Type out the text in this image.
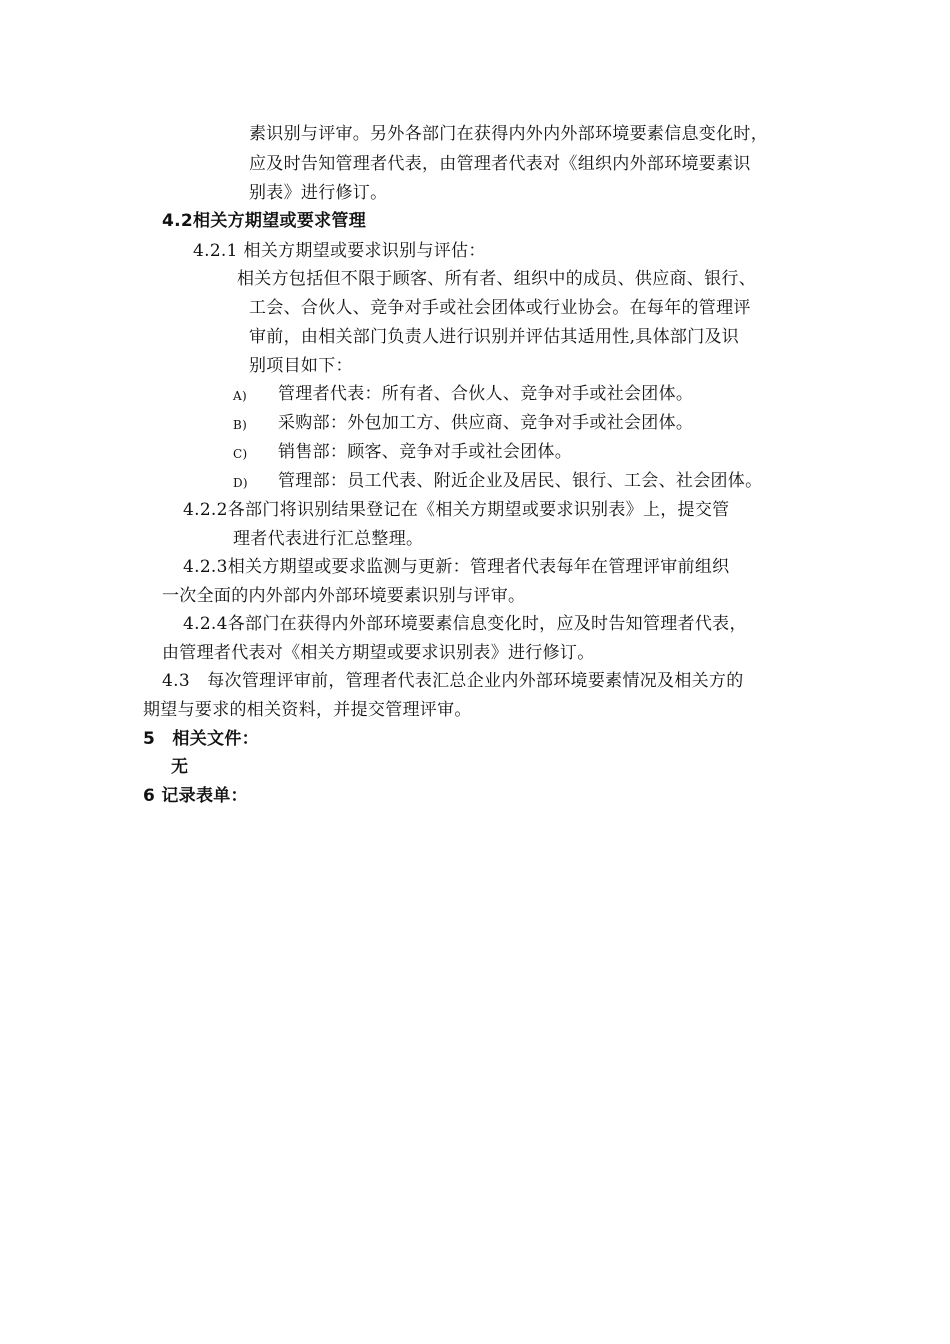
素识别与评审。另外各部门在获得内外内外部环境要素信息变化时，
应及时告知管理者代表，由管理者代表对《组织内外部环境要素识
别表》进行修订。
4.2相关方期望或要求管理
4.2.1 相关方期望或要求识别与评估：
相关方包括但不限于顾客、所有者、组织中的成员、供应商、银行、
工会、合伙人、竞争对手或社会团体或行业协会。在每年的管理评
审前，由相关部门负责人进行识别并评估其适用性,具体部门及识
别项目如下：
A) 管理者代表：所有者、合伙人、竞争对手或社会团体。
B) 采购部：外包加工方、供应商、竞争对手或社会团体。
C) 销售部：顾客、竞争对手或社会团体。
D) 管理部：员工代表、附近企业及居民、银行、工会、社会团体。
4.2.2各部门将识别结果登记在《相关方期望或要求识别表》上，提交管
理者代表进行汇总整理。
4.2.3相关方期望或要求监测与更新：管理者代表每年在管理评审前组织
一次全面的内外部内外部环境要素识别与评审。
4.2.4各部门在获得内外部环境要素信息变化时，应及时告知管理者代表，
由管理者代表对《相关方期望或要求识别表》进行修订。
4.3　每次管理评审前，管理者代表汇总企业内外部环境要素情况及相关方的
期望与要求的相关资料，并提交管理评审。
5　相关文件：
无
6 记录表单：
